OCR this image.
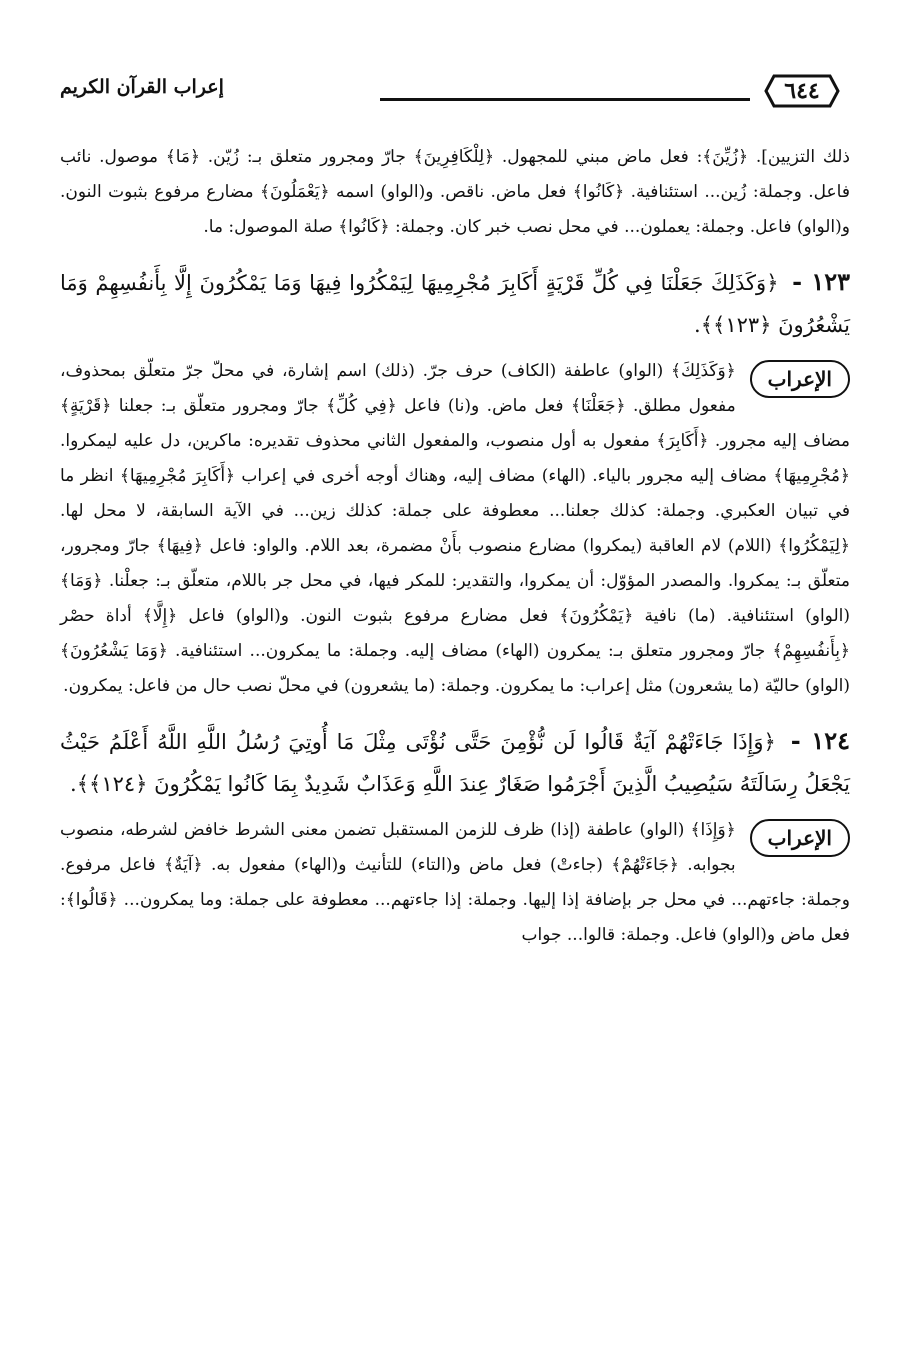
إعراب القرآن الكريم	٦٤٤

ذلك التزيين]. ﴿زُيِّنَ﴾: فعل ماض مبني للمجهول. ﴿لِلْكَافِرِينَ﴾ جارّ ومجرور متعلق بـ: زُيّن. ﴿مَا﴾ موصول. نائب فاعل. وجملة: زُين... استئنافية. ﴿كَانُوا﴾ فعل ماض. ناقص. و(الواو) اسمه ﴿يَعْمَلُونَ﴾ مضارع مرفوع بثبوت النون. و(الواو) فاعل. وجملة: يعملون... في محل نصب خبر كان. وجملة: ﴿كَانُوا﴾ صلة الموصول: ما.

١٢٣ - ﴿وَكَذَلِكَ جَعَلْنَا فِي كُلِّ قَرْيَةٍ أَكَابِرَ مُجْرِمِيهَا لِيَمْكُرُوا فِيهَا وَمَا يَمْكُرُونَ إِلَّا بِأَنفُسِهِمْ وَمَا يَشْعُرُونَ ﴿١٢٣﴾﴾.

الإعراب

﴿وَكَذَلِكَ﴾ (الواو) عاطفة (الكاف) حرف جرّ. (ذلك) اسم إشارة، في محلّ جرّ متعلّق بمحذوف، مفعول مطلق. ﴿جَعَلْنَا﴾ فعل ماض. و(نا) فاعل ﴿فِي كُلِّ﴾ جارّ ومجرور متعلّق بـ: جعلنا ﴿قَرْيَةٍ﴾ مضاف إليه مجرور. ﴿أَكَابِرَ﴾ مفعول به أول منصوب، والمفعول الثاني محذوف تقديره: ماكرين، دل عليه ليمكروا. ﴿مُجْرِمِيهَا﴾ مضاف إليه مجرور بالياء. (الهاء) مضاف إليه، وهناك أوجه أخرى في إعراب ﴿أَكَابِرَ مُجْرِمِيهَا﴾ انظر ما في تبيان العكبري. وجملة: كذلك جعلنا... معطوفة على جملة: كذلك زين... في الآية السابقة، لا محل لها. ﴿لِيَمْكُرُوا﴾ (اللام) لام العاقبة (يمكروا) مضارع منصوب بأَنْ مضمرة، بعد اللام. والواو: فاعل ﴿فِيهَا﴾ جارّ ومجرور، متعلّق بـ: يمكروا. والمصدر المؤوّل: أن يمكروا، والتقدير: للمكر فيها، في محل جر باللام، متعلّق بـ: جعلْنا. ﴿وَمَا﴾ (الواو) استئنافية. (ما) نافية ﴿يَمْكُرُونَ﴾ فعل مضارع مرفوع بثبوت النون. و(الواو) فاعل ﴿إِلَّا﴾ أداة حصْر ﴿بِأَنفُسِهِمْ﴾ جارّ ومجرور متعلق بـ: يمكرون (الهاء) مضاف إليه. وجملة: ما يمكرون... استئنافية. ﴿وَمَا يَشْعُرُونَ﴾ (الواو) حاليّة (ما يشعرون) مثل إعراب: ما يمكرون. وجملة: (ما يشعرون) في محلّ نصب حال من فاعل: يمكرون.

١٢٤ - ﴿وَإِذَا جَاءَتْهُمْ آيَةٌ قَالُوا لَن نُّؤْمِنَ حَتَّى نُؤْتَى مِثْلَ مَا أُوتِيَ رُسُلُ اللَّهِ اللَّهُ أَعْلَمُ حَيْثُ يَجْعَلُ رِسَالَتَهُ سَيُصِيبُ الَّذِينَ أَجْرَمُوا صَغَارٌ عِندَ اللَّهِ وَعَذَابٌ شَدِيدٌ بِمَا كَانُوا يَمْكُرُونَ ﴿١٢٤﴾﴾.

الإعراب

﴿وَإِذَا﴾ (الواو) عاطفة (إذا) ظرف للزمن المستقبل تضمن معنى الشرط خافض لشرطه، منصوب بجوابه. ﴿جَاءَتْهُمْ﴾ (جاءتْ) فعل ماض و(التاء) للتأنيث و(الهاء) مفعول به. ﴿آيَةٌ﴾ فاعل مرفوع. وجملة: جاءتهم... في محل جر بإضافة إذا إليها. وجملة: إذا جاءتهم... معطوفة على جملة: وما يمكرون... ﴿قَالُوا﴾: فعل ماض و(الواو) فاعل. وجملة: قالوا... جواب
